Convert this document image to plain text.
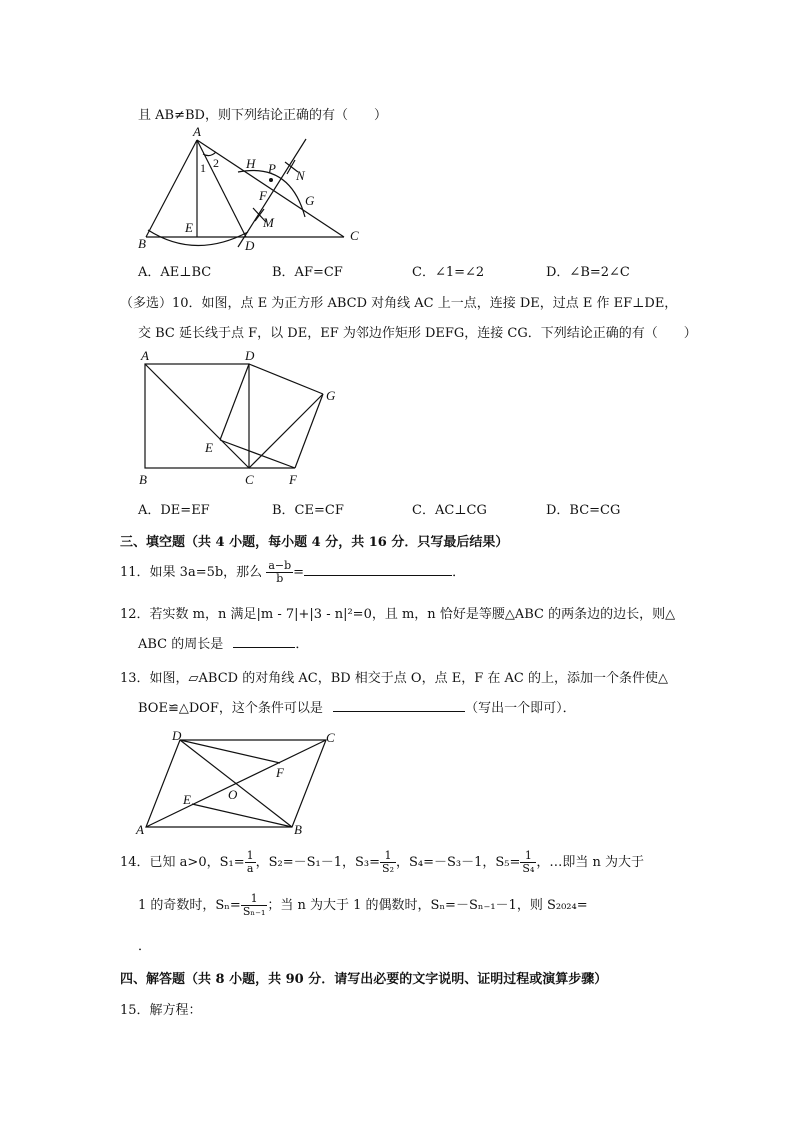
且 AB≠BD，则下列结论正确的有（　　）
A
B
C
D
E
F	G
H
M
N
P
1 2
A．AE⊥BC	B．AF=CF	C．∠1=∠2	D．∠B=2∠C
（多选）10．如图，点 E 为正方形 ABCD 对角线 AC 上一点，连接 DE，过点 E 作 EF⊥DE，
交 BC 延长线于点 F，以 DE，EF 为邻边作矩形 DEFG，连接 CG．下列结论正确的有（　　）
A
B	C
D
E
F
G
A．DE=EF	B．CE=CF	C．AC⊥CG	D．BC=CG
三、填空题（共 4 小题，每小题 4 分，共 16 分．只写最后结果）
11．如果 3a=5b，那么 $\frac{a-b}{b}$ =	．
12．若实数 m，n 满足|m - 7|+|3 - n|²=0，且 m，n 恰好是等腰△ABC 的两条边的边长，则△
ABC 的周长是	．
13．如图，▱ABCD 的对角线 AC，BD 相交于点 O，点 E，F 在 AC 的上，添加一个条件使△
BOE≌△DOF，这个条件可以是	（写出一个即可）．
A	B
C
D
E
F
O
14．已知 a>0，$S_1= \frac{1}{a}$ ，S₂=－S₁－1，$S_3= \frac{1}{\text{S₂}}$ ，S₄=－S₃－1，$S_5= \frac{1}{\text{S₄}}$ ，…即当 n 为大于
1 的奇数时，$S_n= \frac{1}{\text{Sₙ₋₁}}$ ；当 n 为大于 1 的偶数时，Sₙ=－Sₙ₋₁－1，则 S₂₀₂₄=
．
四、解答题（共 8 小题，共 90 分．请写出必要的文字说明、证明过程或演算步骤）
15．解方程：
